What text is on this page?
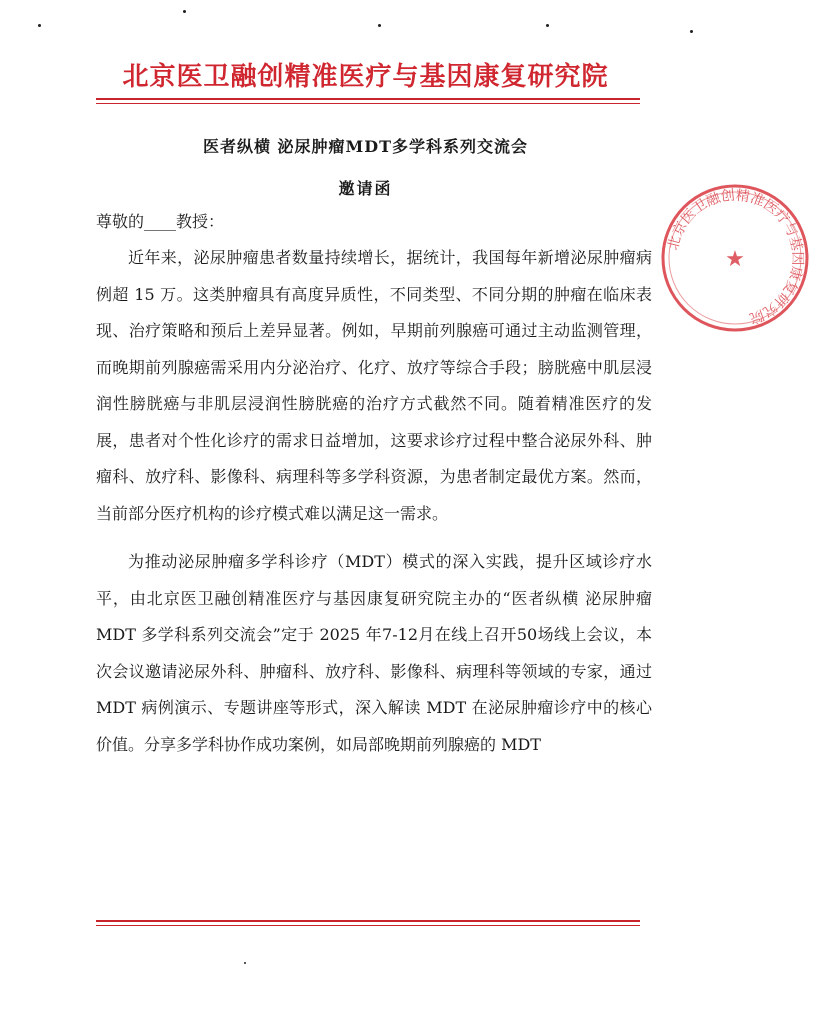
北京医卫融创精准医疗与基因康复研究院
医者纵横 泌尿肿瘤MDT多学科系列交流会
邀请函
尊敬的____教授：

近年来，泌尿肿瘤患者数量持续增长，据统计，我国每年新增泌尿肿瘤病例超 15 万。这类肿瘤具有高度异质性，不同类型、不同分期的肿瘤在临床表现、治疗策略和预后上差异显著。例如，早期前列腺癌可通过主动监测管理，而晚期前列腺癌需采用内分泌治疗、化疗、放疗等综合手段；膀胱癌中肌层浸润性膀胱癌与非肌层浸润性膀胱癌的治疗方式截然不同。随着精准医疗的发展，患者对个性化诊疗的需求日益增加，这要求诊疗过程中整合泌尿外科、肿瘤科、放疗科、影像科、病理科等多学科资源，为患者制定最优方案。然而，当前部分医疗机构的诊疗模式难以满足这一需求。

为推动泌尿肿瘤多学科诊疗（MDT）模式的深入实践，提升区域诊疗水平，由北京医卫融创精准医疗与基因康复研究院主办的“医者纵横 泌尿肿瘤 MDT 多学科系列交流会”定于 2025 年7-12月在线上召开50场线上会议，本次会议邀请泌尿外科、肿瘤科、放疗科、影像科、病理科等领域的专家，通过 MDT 病例演示、专题讲座等形式，深入解读 MDT 在泌尿肿瘤诊疗中的核心价值。分享多学科协作成功案例，如局部晚期前列腺癌的 MDT

北京医卫融创精准医疗与基因康复研究院
★
